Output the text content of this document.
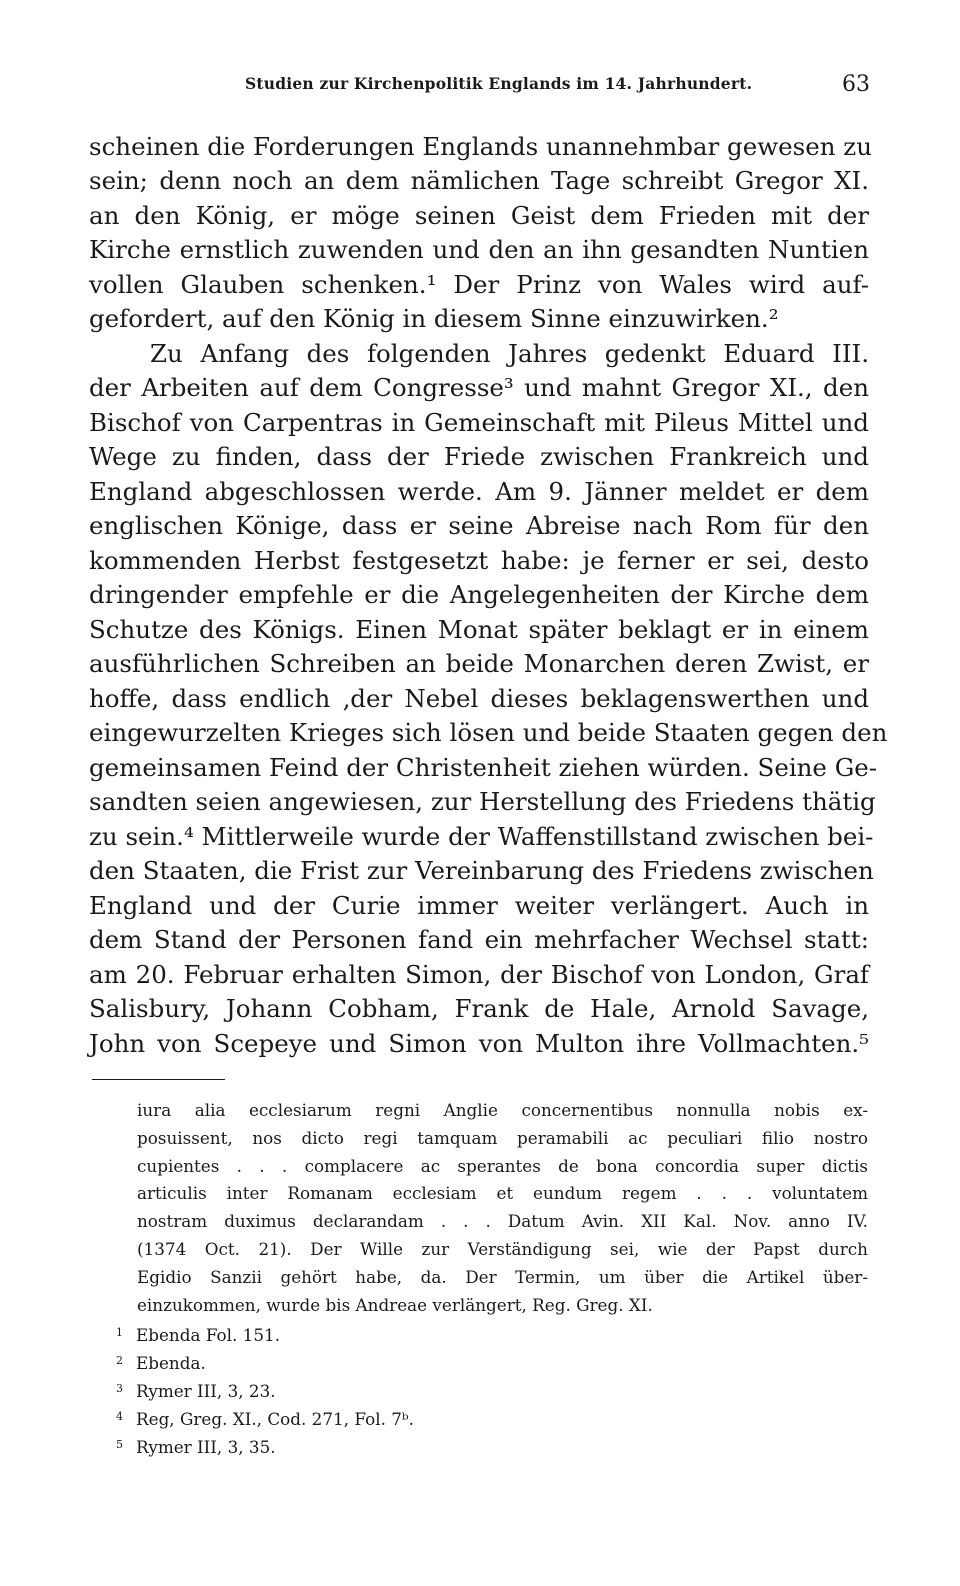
Studien zur Kirchenpolitik Englands im 14. Jahrhundert.	63
scheinen die Forderungen Englands unannehmbar gewesen zu
sein; denn noch an dem nämlichen Tage schreibt Gregor XI.
an den König, er möge seinen Geist dem Frieden mit der
Kirche ernstlich zuwenden und den an ihn gesandten Nuntien
vollen Glauben schenken.¹ Der Prinz von Wales wird auf-
gefordert, auf den König in diesem Sinne einzuwirken.²
Zu Anfang des folgenden Jahres gedenkt Eduard III.
der Arbeiten auf dem Congresse³ und mahnt Gregor XI., den
Bischof von Carpentras in Gemeinschaft mit Pileus Mittel und
Wege zu finden, dass der Friede zwischen Frankreich und
England abgeschlossen werde. Am 9. Jänner meldet er dem
englischen Könige, dass er seine Abreise nach Rom für den
kommenden Herbst festgesetzt habe: je ferner er sei, desto
dringender empfehle er die Angelegenheiten der Kirche dem
Schutze des Königs. Einen Monat später beklagt er in einem
ausführlichen Schreiben an beide Monarchen deren Zwist, er
hoffe, dass endlich ‚der Nebel dieses beklagenswerthen und
eingewurzelten Krieges sich lösen und beide Staaten gegen den
gemeinsamen Feind der Christenheit ziehen würden. Seine Ge-
sandten seien angewiesen, zur Herstellung des Friedens thätig
zu sein.⁴ Mittlerweile wurde der Waffenstillstand zwischen bei-
den Staaten, die Frist zur Vereinbarung des Friedens zwischen
England und der Curie immer weiter verlängert. Auch in
dem Stand der Personen fand ein mehrfacher Wechsel statt:
am 20. Februar erhalten Simon, der Bischof von London, Graf
Salisbury, Johann Cobham, Frank de Hale, Arnold Savage,
John von Scepeye und Simon von Multon ihre Vollmachten.⁵
iura alia ecclesiarum regni Anglie concernentibus nonnulla nobis ex-
posuissent, nos dicto regi tamquam peramabili ac peculiari filio nostro
cupientes . . . complacere ac sperantes de bona concordia super dictis
articulis inter Romanam ecclesiam et eundum regem . . . voluntatem
nostram duximus declarandam . . . Datum Avin. XII Kal. Nov. anno IV.
(1374 Oct. 21). Der Wille zur Verständigung sei, wie der Papst durch
Egidio Sanzii gehört habe, da. Der Termin, um über die Artikel über-
einzukommen, wurde bis Andreae verlängert, Reg. Greg. XI.
1 Ebenda Fol. 151.
2 Ebenda.
3 Rymer III, 3, 23.
4 Reg, Greg. XI., Cod. 271, Fol. 7ᵇ.
5 Rymer III, 3, 35.
